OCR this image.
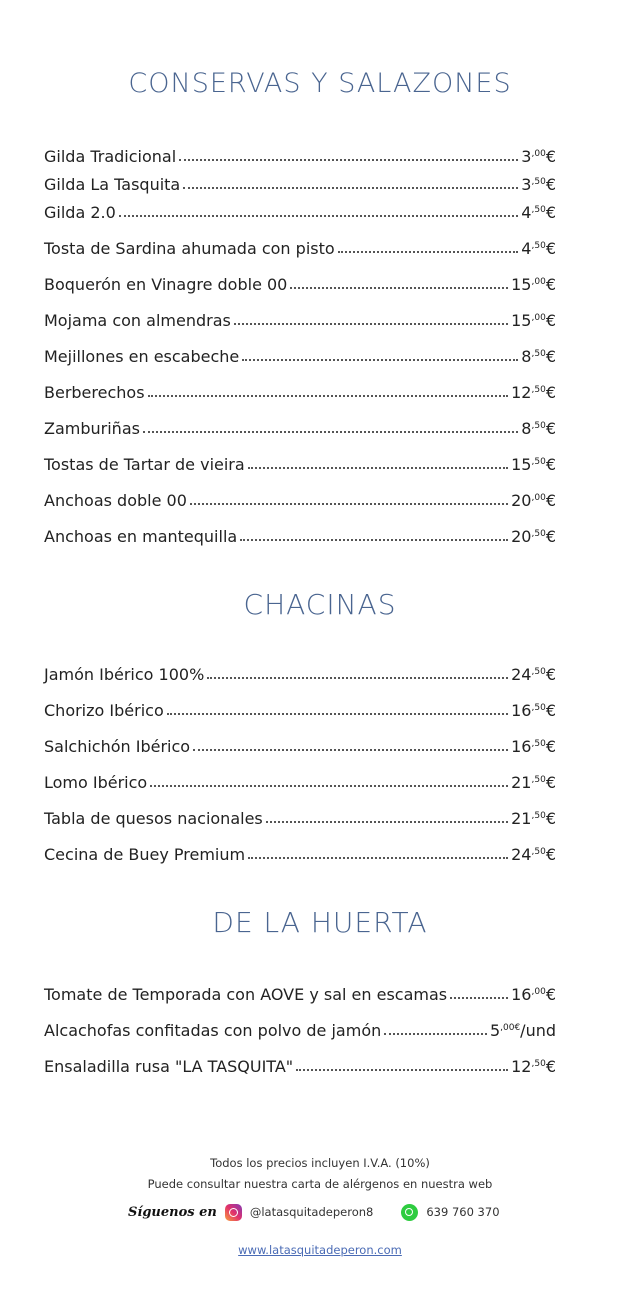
CONSERVAS Y SALAZONES
Gilda Tradicional	$3^{,00}€$
Gilda La Tasquita	$3^{,50}€$
Gilda 2.0	$4^{,50}€$
Tosta de Sardina ahumada con pisto	$4^{,50}€$
Boquerón en Vinagre doble 00	$15^{,00}€$
Mojama con almendras	$15^{,00}€$
Mejillones en escabeche	$8^{,50}€$
Berberechos	$12^{,50}€$
Zamburiñas	$8^{,50}€$
Tostas de Tartar de vieira	$15^{,50}€$
Anchoas doble 00	$20^{,00}€$
Anchoas en mantequilla	$20^{,50}€$
CHACINAS
Jamón Ibérico 100%	$24^{,50}€$
Chorizo Ibérico	$16^{,50}€$
Salchichón Ibérico	$16^{,50}€$
Lomo Ibérico	$21^{,50}€$
Tabla de quesos nacionales	$21^{,50}€$
Cecina de Buey Premium	$24^{,50}€$
DE LA HUERTA
Tomate de Temporada con AOVE y sal en escamas	$16^{,00}€$
Alcachofas confitadas con polvo de jamón	$5^{,00€}$/und
Ensaladilla rusa "LA TASQUITA"	$12^{,50}€$
Todos los precios incluyen I.V.A. (10%)
Puede consultar nuestra carta de alérgenos en nuestra web
Síguenos en	@latasquitadeperon8	639 760 370
www.latasquitadeperon.com
